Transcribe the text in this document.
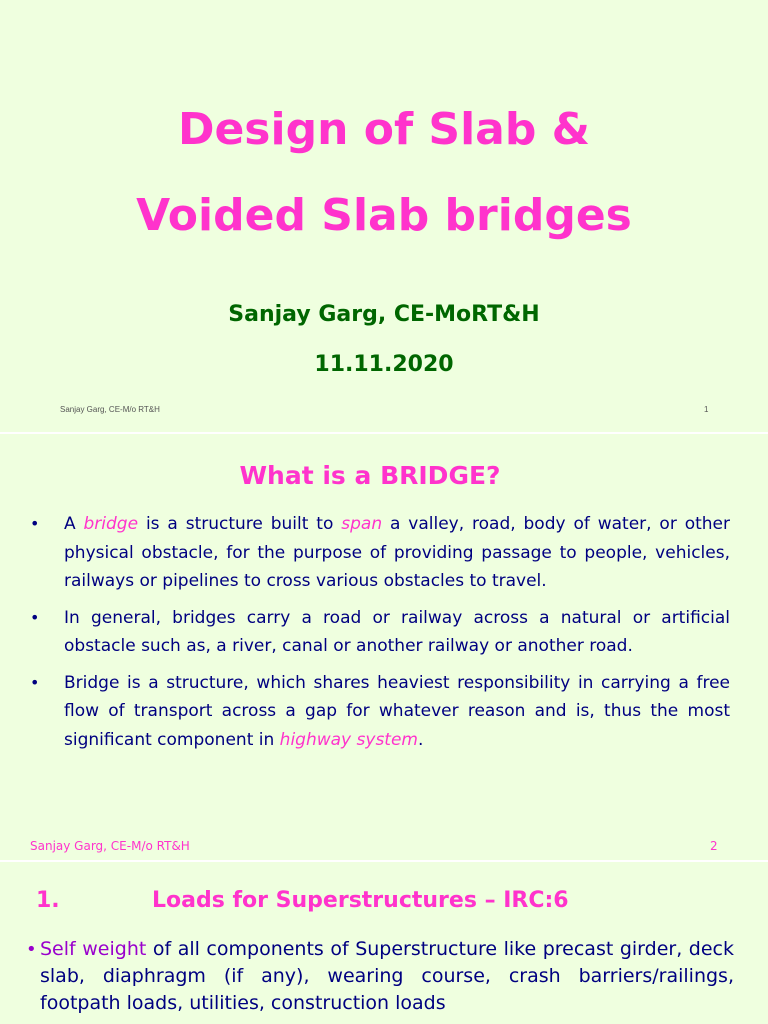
Design of Slab &
Voided Slab bridges
Sanjay Garg, CE-MoRT&H
11.11.2020
Sanjay Garg, CE-M/o RT&H	1
What is a BRIDGE?
• A bridge is a structure built to span a valley, road, body of water, or other physical obstacle, for the purpose of providing passage to people, vehicles, railways or pipelines to cross various obstacles to travel.
• In general, bridges carry a road or railway across a natural or artificial obstacle such as, a river, canal or another railway or another road.
• Bridge is a structure, which shares heaviest responsibility in carrying a free flow of transport across a gap for whatever reason and is, thus the most significant component in highway system.
Sanjay Garg, CE-M/o RT&H	2
1.	Loads for Superstructures – IRC:6
• Self weight of all components of Superstructure like precast girder, deck slab, diaphragm (if any), wearing course, crash barriers/railings, footpath loads, utilities, construction loads
